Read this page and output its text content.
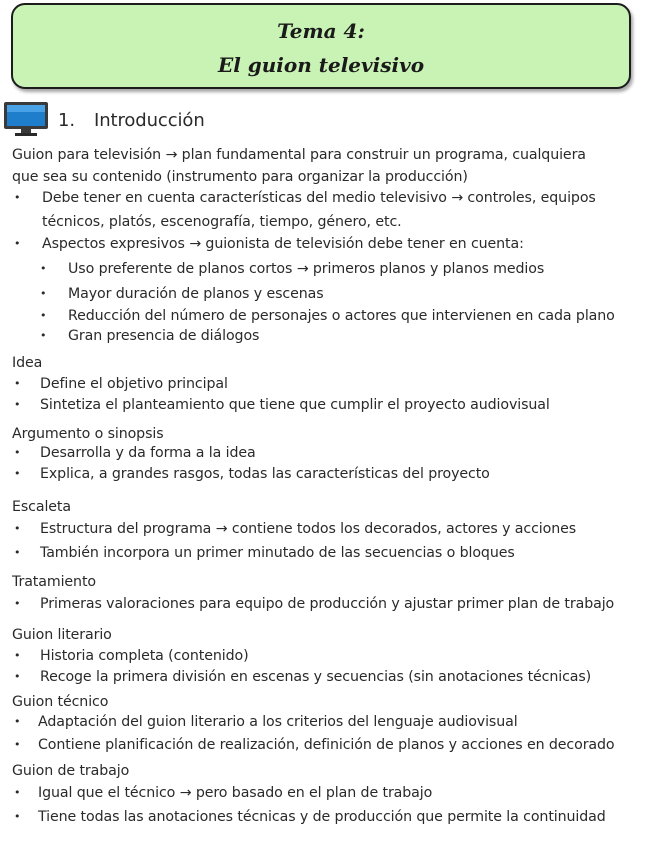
Tema 4:
El guion televisivo
1. Introducción
Guion para televisión → plan fundamental para construir un programa, cualquiera
que sea su contenido (instrumento para organizar la producción)
• Debe tener en cuenta características del medio televisivo → controles, equipos
técnicos, platós, escenografía, tiempo, género, etc.
• Aspectos expresivos → guionista de televisión debe tener en cuenta:
• Uso preferente de planos cortos → primeros planos y planos medios
• Mayor duración de planos y escenas
• Reducción del número de personajes o actores que intervienen en cada plano
• Gran presencia de diálogos
Idea
• Define el objetivo principal
• Sintetiza el planteamiento que tiene que cumplir el proyecto audiovisual
Argumento o sinopsis
• Desarrolla y da forma a la idea
• Explica, a grandes rasgos, todas las características del proyecto
Escaleta
• Estructura del programa → contiene todos los decorados, actores y acciones
• También incorpora un primer minutado de las secuencias o bloques
Tratamiento
• Primeras valoraciones para equipo de producción y ajustar primer plan de trabajo
Guion literario
• Historia completa (contenido)
• Recoge la primera división en escenas y secuencias (sin anotaciones técnicas)
Guion técnico
• Adaptación del guion literario a los criterios del lenguaje audiovisual
• Contiene planificación de realización, definición de planos y acciones en decorado
Guion de trabajo
• Igual que el técnico → pero basado en el plan de trabajo
• Tiene todas las anotaciones técnicas y de producción que permite la continuidad
